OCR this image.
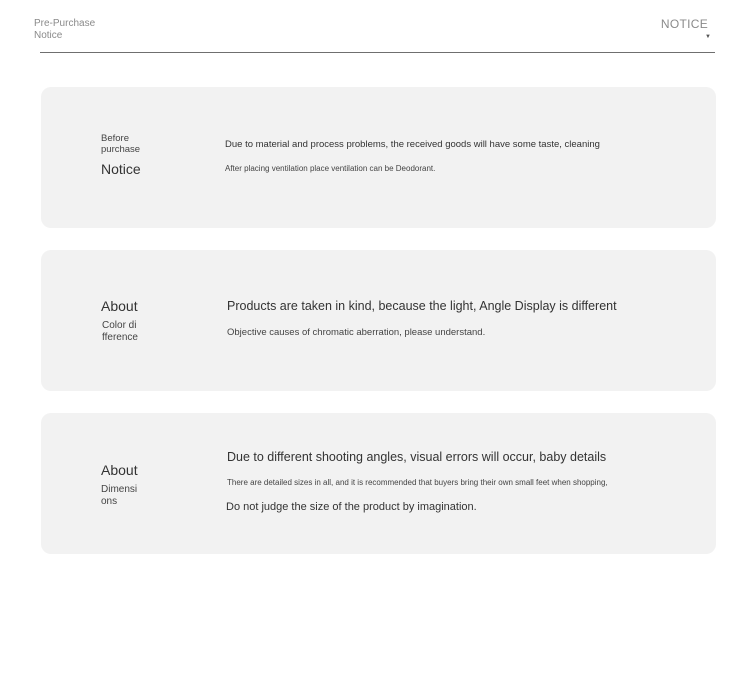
Pre-Purchase
Notice
NOTICE
▼
Before
purchase
Notice
Due to material and process problems, the received goods will have some taste, cleaning
After placing ventilation place ventilation can be Deodorant.
About
Color di
fference
Products are taken in kind, because the light, Angle Display is different
Objective causes of chromatic aberration, please understand.
About
Dimensi
ons
Due to different shooting angles, visual errors will occur, baby details
There are detailed sizes in all, and it is recommended that buyers bring their own small feet when shopping,
Do not judge the size of the product by imagination.
